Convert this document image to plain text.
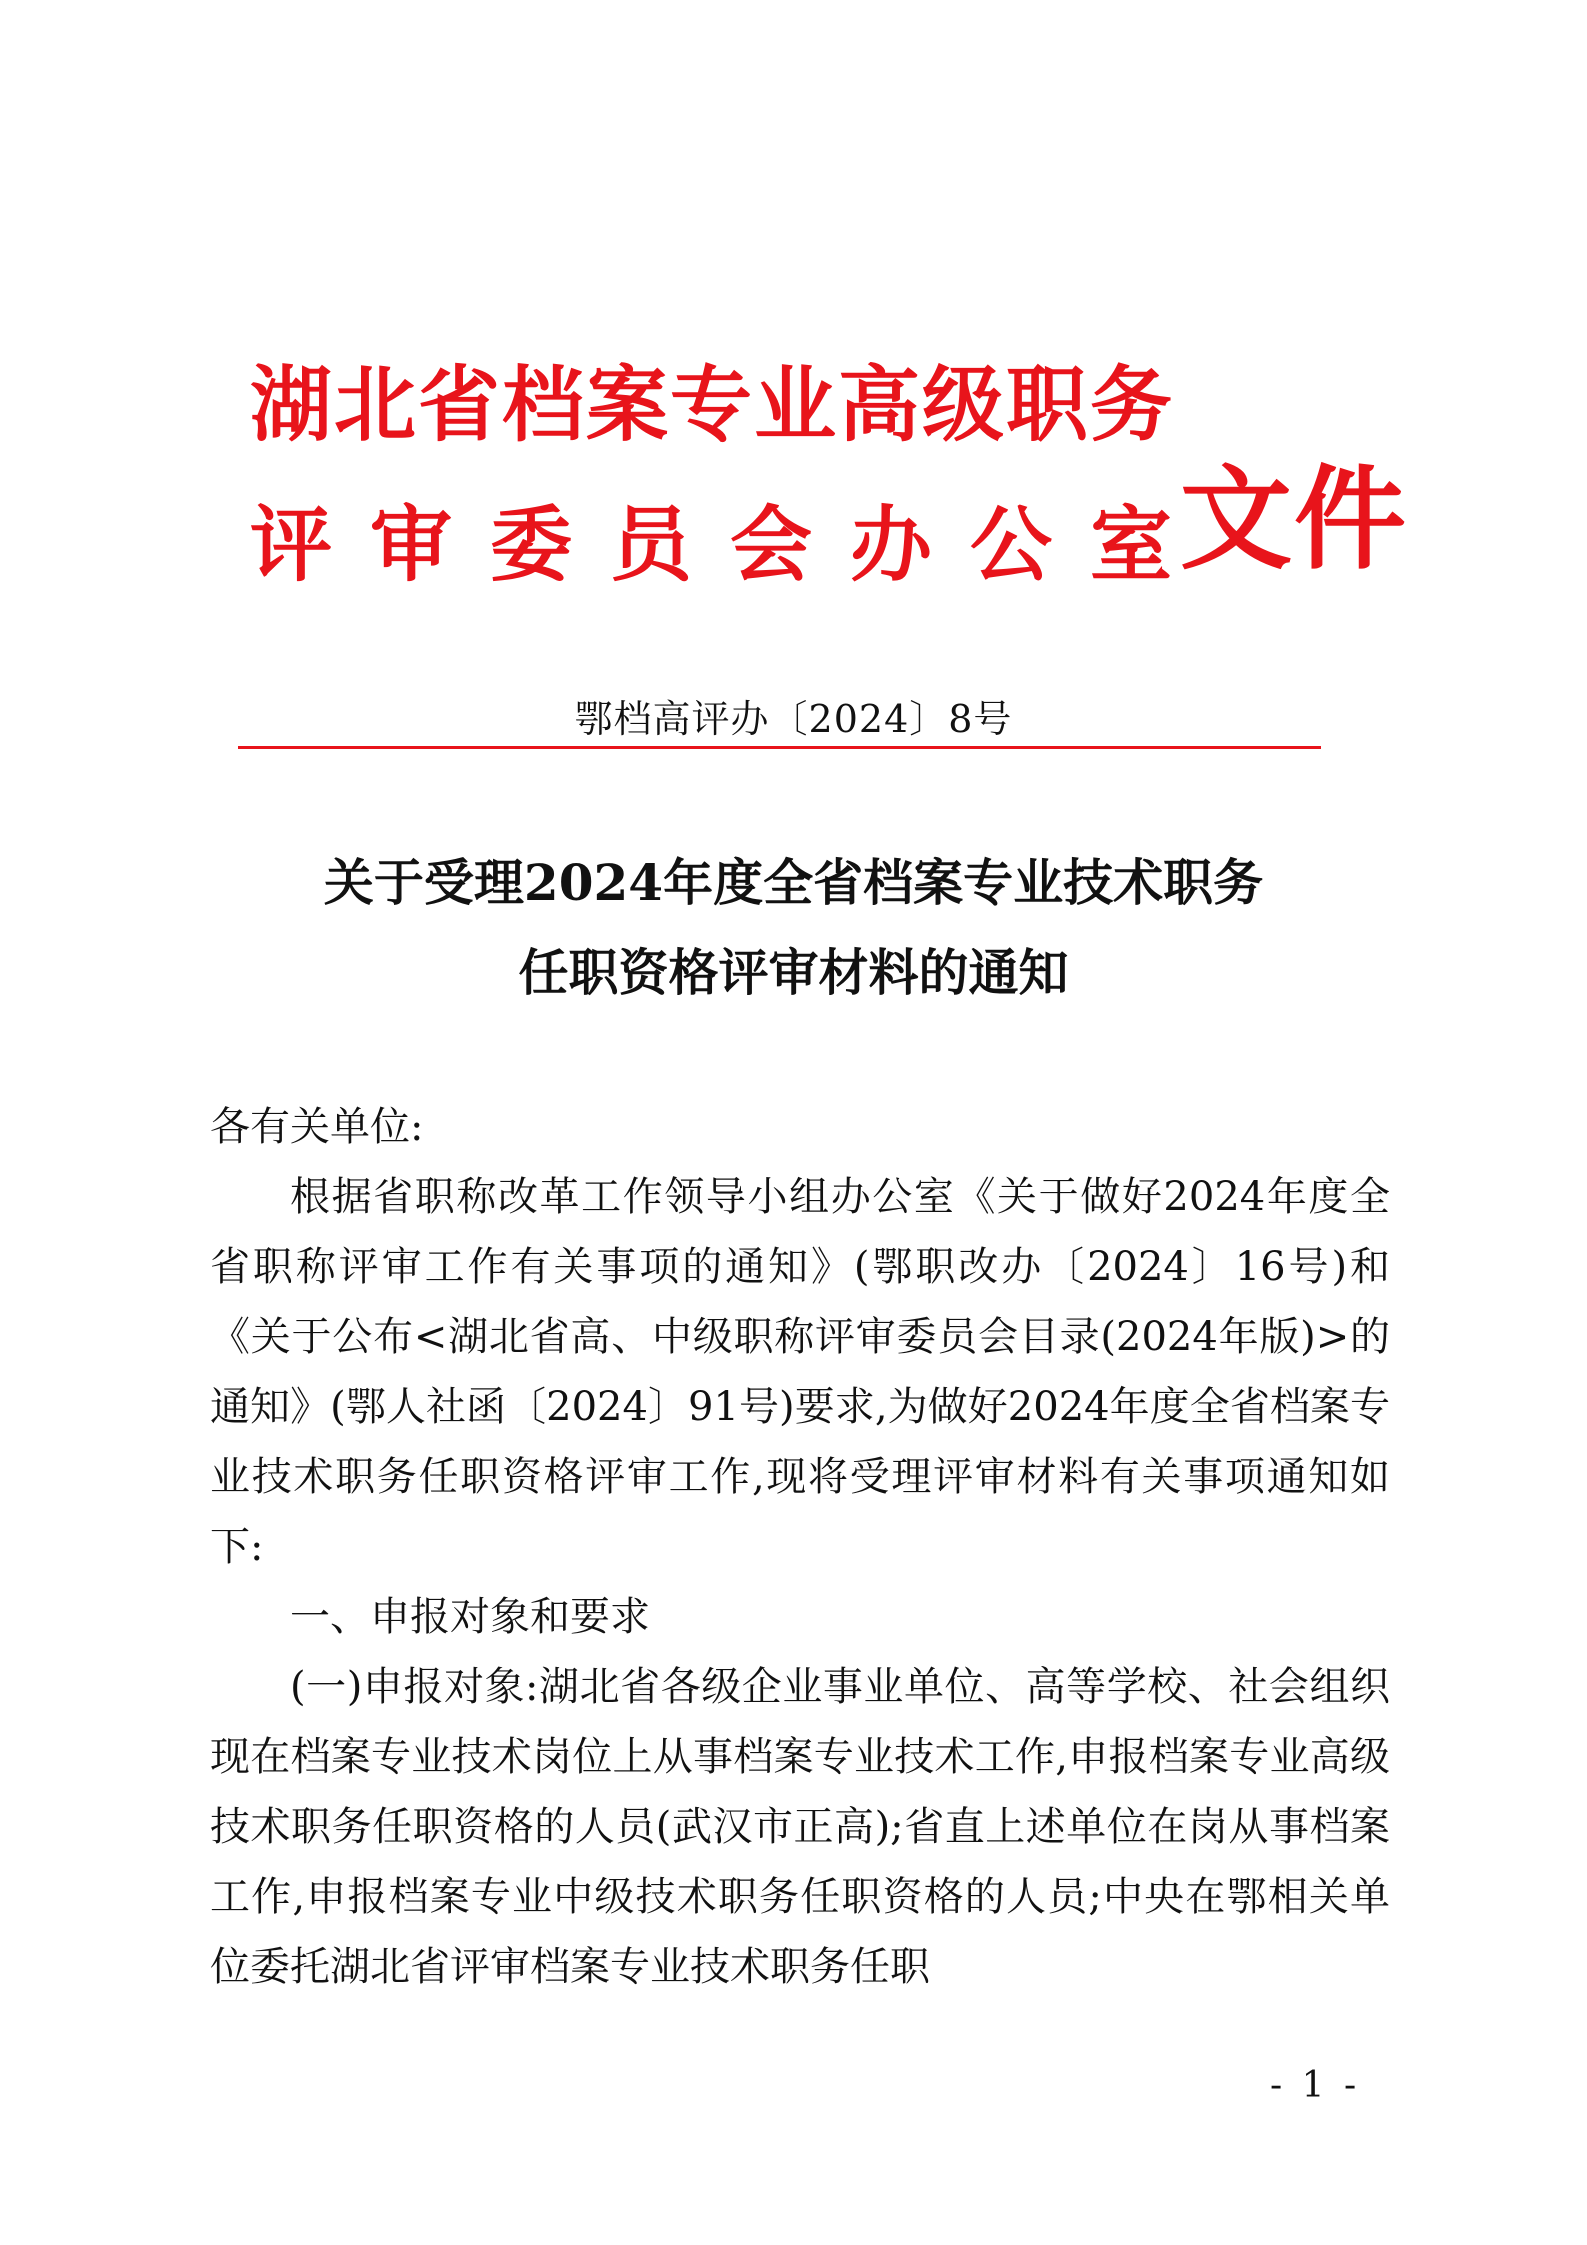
湖北省档案专业高级职务
评审委员会办公室
文件
鄂档高评办〔2024〕8号
关于受理2024年度全省档案专业技术职务
任职资格评审材料的通知

各有关单位:

根据省职称改革工作领导小组办公室《关于做好2024年度全省职称评审工作有关事项的通知》(鄂职改办〔2024〕16号)和《关于公布<湖北省高、中级职称评审委员会目录(2024年版)>的通知》(鄂人社函〔2024〕91号)要求,为做好2024年度全省档案专业技术职务任职资格评审工作,现将受理评审材料有关事项通知如下:

一、申报对象和要求

(一)申报对象:湖北省各级企业事业单位、高等学校、社会组织现在档案专业技术岗位上从事档案专业技术工作,申报档案专业高级技术职务任职资格的人员(武汉市正高);省直上述单位在岗从事档案工作,申报档案专业中级技术职务任职资格的人员;中央在鄂相关单位委托湖北省评审档案专业技术职务任职

- 1 -
